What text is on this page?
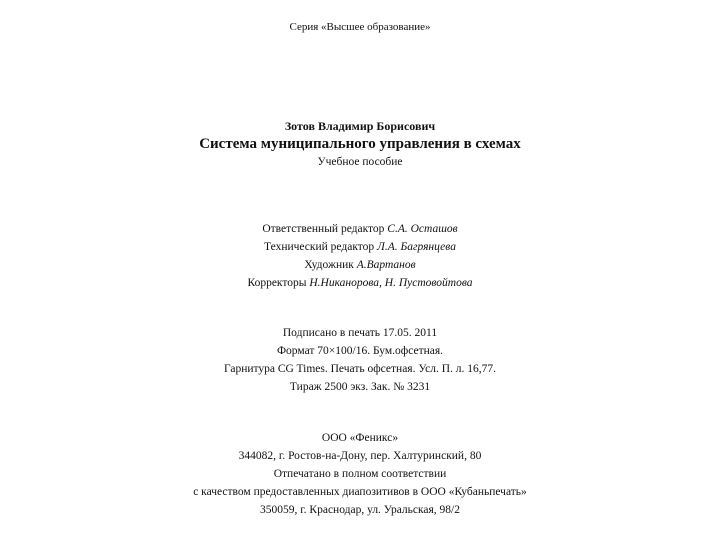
Серия «Высшее образование»
Зотов Владимир Борисович
Система муниципального управления в схемах
Учебное пособие
Ответственный редактор С.А. Осташов
Технический редактор Л.А. Багрянцева
Художник А.Вартанов
Корректоры Н.Никанорова, Н. Пустовойтова
Подписано в печать 17.05. 2011
Формат 70×100/16. Бум.офсетная.
Гарнитура CG Times. Печать офсетная. Усл. П. л. 16,77.
Тираж 2500 экз. Зак. № 3231
ООО «Феникс»
344082, г. Ростов-на-Дону, пер. Халтуринский, 80
Отпечатано в полном соответствии
с качеством предоставленных диапозитивов в ООО «Кубаньпечать»
350059, г. Краснодар, ул. Уральская, 98/2
